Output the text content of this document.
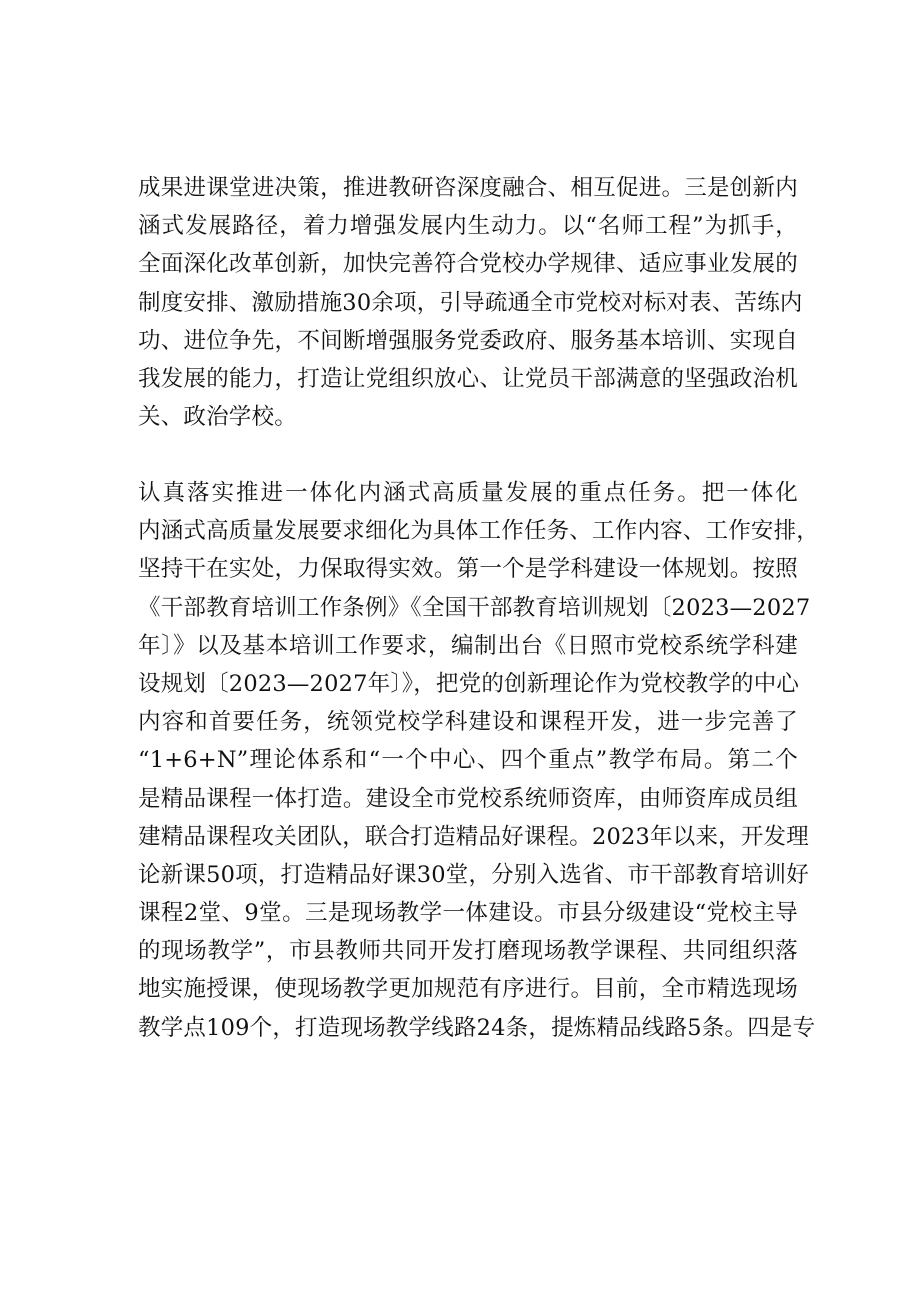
成果进课堂进决策，推进教研咨深度融合、相互促进。三是创新内
涵式发展路径，着力增强发展内生动力。以“名师工程”为抓手，
全面深化改革创新，加快完善符合党校办学规律、适应事业发展的
制度安排、激励措施30余项，引导疏通全市党校对标对表、苦练内
功、进位争先，不间断增强服务党委政府、服务基本培训、实现自
我发展的能力，打造让党组织放心、让党员干部满意的坚强政治机
关、政治学校。
认真落实推进一体化内涵式高质量发展的重点任务。把一体化
内涵式高质量发展要求细化为具体工作任务、工作内容、工作安排，
坚持干在实处，力保取得实效。第一个是学科建设一体规划。按照
《干部教育培训工作条例》《全国干部教育培训规划〔2023—2027
年〕》以及基本培训工作要求，编制出台《日照市党校系统学科建
设规划〔2023—2027年〕》，把党的创新理论作为党校教学的中心
内容和首要任务，统领党校学科建设和课程开发，进一步完善了
“1+6+N”理论体系和“一个中心、四个重点”教学布局。第二个
是精品课程一体打造。建设全市党校系统师资库，由师资库成员组
建精品课程攻关团队，联合打造精品好课程。2023年以来，开发理
论新课50项，打造精品好课30堂，分别入选省、市干部教育培训好
课程2堂、9堂。三是现场教学一体建设。市县分级建设“党校主导
的现场教学”，市县教师共同开发打磨现场教学课程、共同组织落
地实施授课，使现场教学更加规范有序进行。目前，全市精选现场
教学点109个，打造现场教学线路24条，提炼精品线路5条。四是专
